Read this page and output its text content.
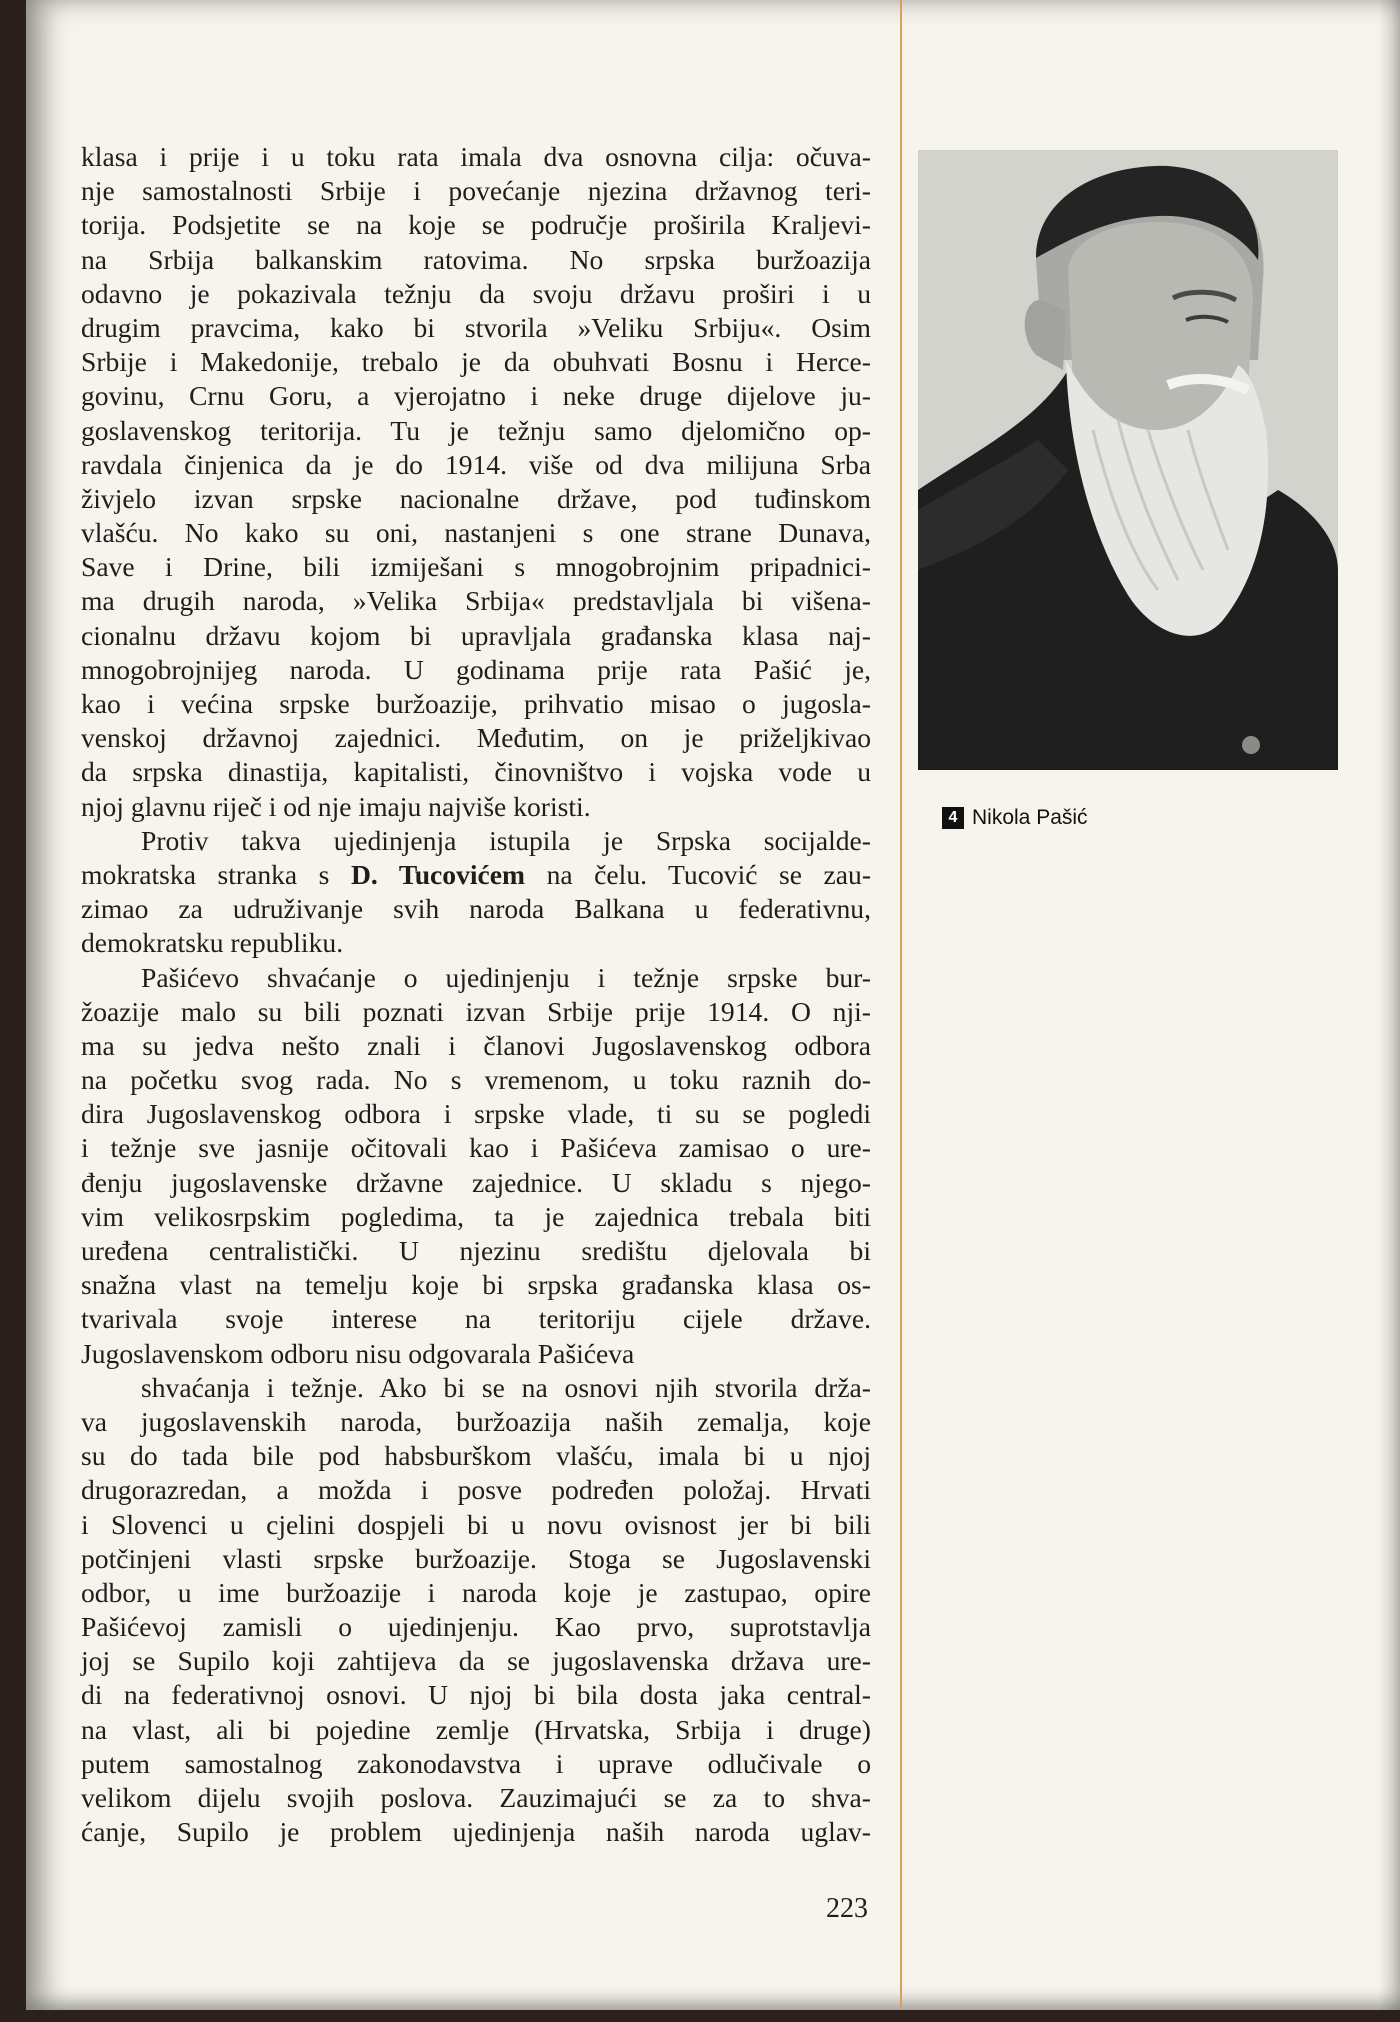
klasa i prije i u toku rata imala dva osnovna cilja: očuva-
nje samostalnosti Srbije i povećanje njezina državnog teri-
torija. Podsjetite se na koje se područje proširila Kraljevi-
na Srbija balkanskim ratovima. No srpska buržoazija
odavno je pokazivala težnju da svoju državu proširi i u
drugim pravcima, kako bi stvorila »Veliku Srbiju«. Osim
Srbije i Makedonije, trebalo je da obuhvati Bosnu i Herce-
govinu, Crnu Goru, a vjerojatno i neke druge dijelove ju-
goslavenskog teritorija. Tu je težnju samo djelomično op-
ravdala činjenica da je do 1914. više od dva milijuna Srba
živjelo izvan srpske nacionalne države, pod tuđinskom
vlašću. No kako su oni, nastanjeni s one strane Dunava,
Save i Drine, bili izmiješani s mnogobrojnim pripadnici-
ma drugih naroda, »Velika Srbija« predstavljala bi višena-
cionalnu državu kojom bi upravljala građanska klasa naj-
mnogobrojnijeg naroda. U godinama prije rata Pašić je,
kao i većina srpske buržoazije, prihvatio misao o jugosla-
venskoj državnoj zajednici. Međutim, on je priželjkivao
da srpska dinastija, kapitalisti, činovništvo i vojska vode u
njoj glavnu riječ i od nje imaju najviše koristi.
Protiv takva ujedinjenja istupila je Srpska socijalde-
mokratska stranka s D. Tucovićem na čelu. Tucović se zau-
zimao za udruživanje svih naroda Balkana u federativnu,
demokratsku republiku.
Pašićevo shvaćanje o ujedinjenju i težnje srpske bur-
žoazije malo su bili poznati izvan Srbije prije 1914. O nji-
ma su jedva nešto znali i članovi Jugoslavenskog odbora
na početku svog rada. No s vremenom, u toku raznih do-
dira Jugoslavenskog odbora i srpske vlade, ti su se pogledi
i težnje sve jasnije očitovali kao i Pašićeva zamisao o ure-
đenju jugoslavenske državne zajednice. U skladu s njego-
vim velikosrpskim pogledima, ta je zajednica trebala biti
uređena centralistički. U njezinu središtu djelovala bi
snažna vlast na temelju koje bi srpska građanska klasa os-
tvarivala svoje interese na teritoriju cijele države.
Jugoslavenskom odboru nisu odgovarala Pašićeva
shvaćanja i težnje. Ako bi se na osnovi njih stvorila drža-
va jugoslavenskih naroda, buržoazija naših zemalja, koje
su do tada bile pod habsburškom vlašću, imala bi u njoj
drugorazredan, a možda i posve podređen položaj. Hrvati
i Slovenci u cjelini dospjeli bi u novu ovisnost jer bi bili
potčinjeni vlasti srpske buržoazije. Stoga se Jugoslavenski
odbor, u ime buržoazije i naroda koje je zastupao, opire
Pašićevoj zamisli o ujedinjenju. Kao prvo, suprotstavlja
joj se Supilo koji zahtijeva da se jugoslavenska država ure-
di na federativnoj osnovi. U njoj bi bila dosta jaka central-
na vlast, ali bi pojedine zemlje (Hrvatska, Srbija i druge)
putem samostalnog zakonodavstva i uprave odlučivale o
velikom dijelu svojih poslova. Zauzimajući se za to shva-
ćanje, Supilo je problem ujedinjenja naših naroda uglav-
223
4 Nikola Pašić
